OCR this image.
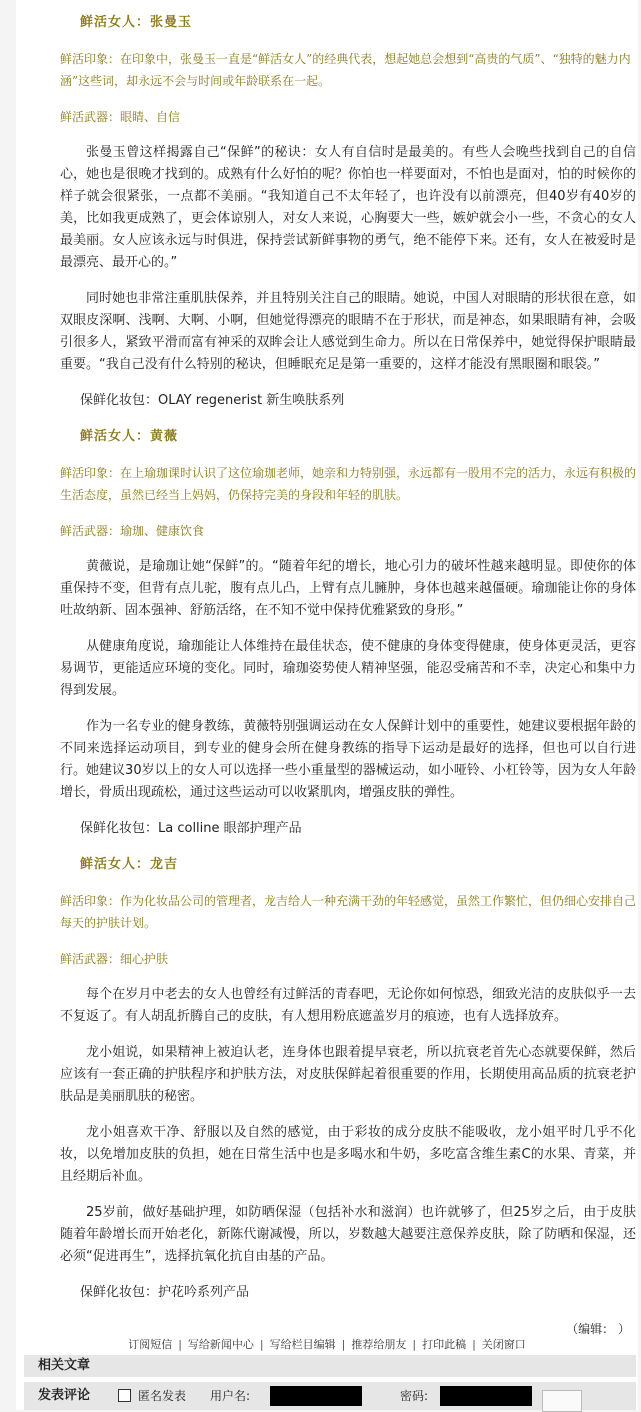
鲜活女人：张曼玉

鲜活印象：在印象中，张曼玉一直是“鲜活女人”的经典代表，想起她总会想到“高贵的气质”、“独特的魅力内涵”这些词，却永远不会与时间或年龄联系在一起。

鲜活武器：眼睛、自信

张曼玉曾这样揭露自己“保鲜”的秘诀：女人有自信时是最美的。有些人会晚些找到自己的自信心，她也是很晚才找到的。成熟有什么好怕的呢？你怕也一样要面对，不怕也是面对，怕的时候你的样子就会很紧张，一点都不美丽。“我知道自己不太年轻了，也许没有以前漂亮，但40岁有40岁的美，比如我更成熟了，更会体谅别人，对女人来说，心胸要大一些，嫉妒就会小一些，不贪心的女人最美丽。女人应该永远与时俱进，保持尝试新鲜事物的勇气，绝不能停下来。还有，女人在被爱时是最漂亮、最开心的。”

同时她也非常注重肌肤保养，并且特别关注自己的眼睛。她说，中国人对眼睛的形状很在意，如双眼皮深啊、浅啊、大啊、小啊，但她觉得漂亮的眼睛不在于形状，而是神态，如果眼睛有神，会吸引很多人，紧致平滑而富有神采的双眸会让人感觉到生命力。所以在日常保养中，她觉得保护眼睛最重要。“我自己没有什么特别的秘诀，但睡眠充足是第一重要的，这样才能没有黑眼圈和眼袋。”

保鲜化妆包：OLAY regenerist 新生唤肤系列

鲜活女人：黄薇

鲜活印象：在上瑜珈课时认识了这位瑜珈老师，她亲和力特别强，永远都有一股用不完的活力，永远有积极的生活态度，虽然已经当上妈妈，仍保持完美的身段和年轻的肌肤。

鲜活武器：瑜珈、健康饮食

黄薇说，是瑜珈让她“保鲜”的。“随着年纪的增长，地心引力的破坏性越来越明显。即使你的体重保持不变，但背有点儿驼，腹有点儿凸，上臂有点儿臃肿，身体也越来越僵硬。瑜珈能让你的身体吐故纳新、固本强神、舒筋活络，在不知不觉中保持优雅紧致的身形。”

从健康角度说，瑜珈能让人体维持在最佳状态，使不健康的身体变得健康，使身体更灵活，更容易调节，更能适应环境的变化。同时，瑜珈姿势使人精神坚强，能忍受痛苦和不幸，决定心和集中力得到发展。

作为一名专业的健身教练，黄薇特别强调运动在女人保鲜计划中的重要性，她建议要根据年龄的不同来选择运动项目，到专业的健身会所在健身教练的指导下运动是最好的选择，但也可以自行进行。她建议30岁以上的女人可以选择一些小重量型的器械运动，如小哑铃、小杠铃等，因为女人年龄增长，骨质出现疏松，通过这些运动可以收紧肌肉，增强皮肤的弹性。

保鲜化妆包：La colline 眼部护理产品

鲜活女人：龙吉

鲜活印象：作为化妆品公司的管理者，龙吉给人一种充满干劲的年轻感觉，虽然工作繁忙，但仍细心安排自己每天的护肤计划。

鲜活武器：细心护肤

每个在岁月中老去的女人也曾经有过鲜活的青春吧，无论你如何惊恐，细致光洁的皮肤似乎一去不复返了。有人胡乱折腾自己的皮肤，有人想用粉底遮盖岁月的痕迹，也有人选择放弃。

龙小姐说，如果精神上被迫认老，连身体也跟着提早衰老，所以抗衰老首先心态就要保鲜，然后应该有一套正确的护肤程序和护肤方法，对皮肤保鲜起着很重要的作用，长期使用高品质的抗衰老护肤品是美丽肌肤的秘密。

龙小姐喜欢干净、舒服以及自然的感觉，由于彩妆的成分皮肤不能吸收，龙小姐平时几乎不化妆，以免增加皮肤的负担，她在日常生活中也是多喝水和牛奶，多吃富含维生素C的水果、青菜，并且经期后补血。

25岁前，做好基础护理，如防晒保湿（包括补水和滋润）也许就够了，但25岁之后，由于皮肤随着年龄增长而开始老化，新陈代谢减慢，所以，岁数越大越要注意保养皮肤，除了防晒和保湿，还必须“促进再生”，选择抗氧化抗自由基的产品。

保鲜化妆包：护花吟系列产品

（编辑： ）
订阅短信 | 写给新闻中心 | 写给栏目编辑 | 推荐给朋友 | 打印此稿 | 关闭窗口
相关文章
发表评论	匿名发表 用户名:	密码:
